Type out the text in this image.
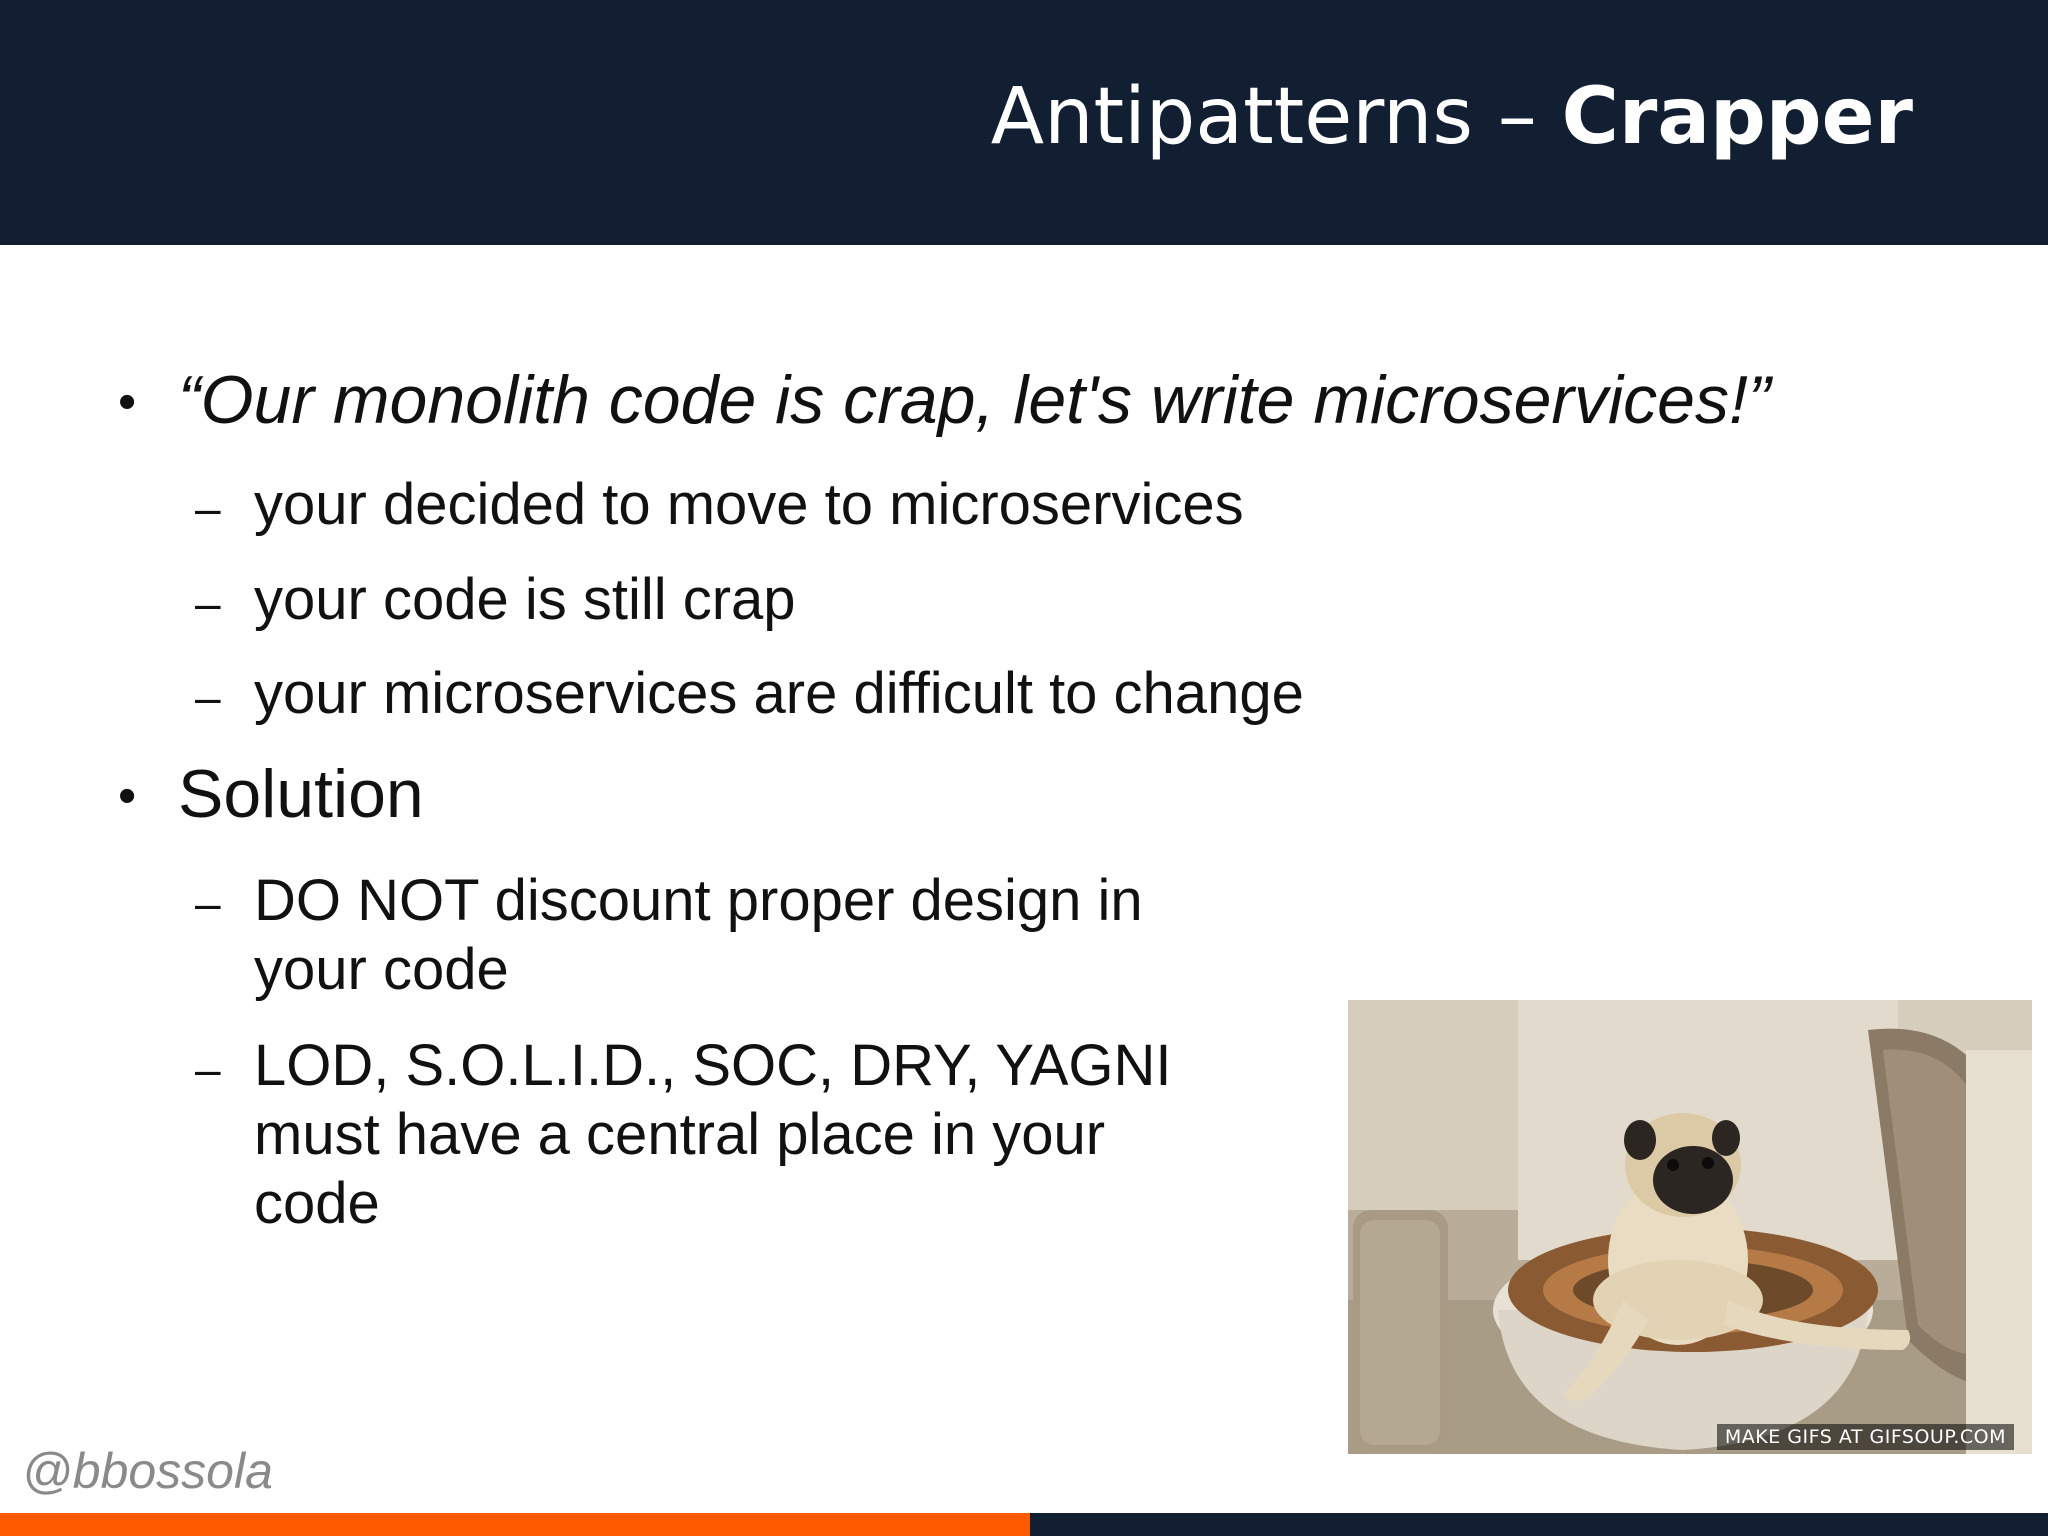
Antipatterns – Crapper
• “Our monolith code is crap, let's write microservices!”
– your decided to move to microservices
– your code is still crap
– your microservices are difficult to change
• Solution
– DO NOT discount proper design in
your code
– LOD, S.O.L.I.D., SOC, DRY, YAGNI
must have a central place in your
code
MAKE GIFS AT GIFSOUP.COM
@bbossola
